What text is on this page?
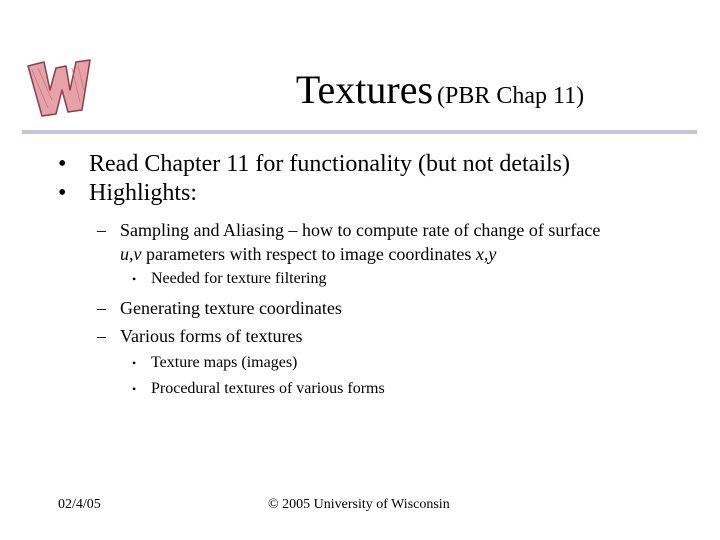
Textures (PBR Chap 11)
• Read Chapter 11 for functionality (but not details)
• Highlights:
– Sampling and Aliasing – how to compute rate of change of surface
u,v parameters with respect to image coordinates x,y
• Needed for texture filtering
– Generating texture coordinates
– Various forms of textures
• Texture maps (images)
• Procedural textures of various forms
02/4/05	© 2005 University of Wisconsin
